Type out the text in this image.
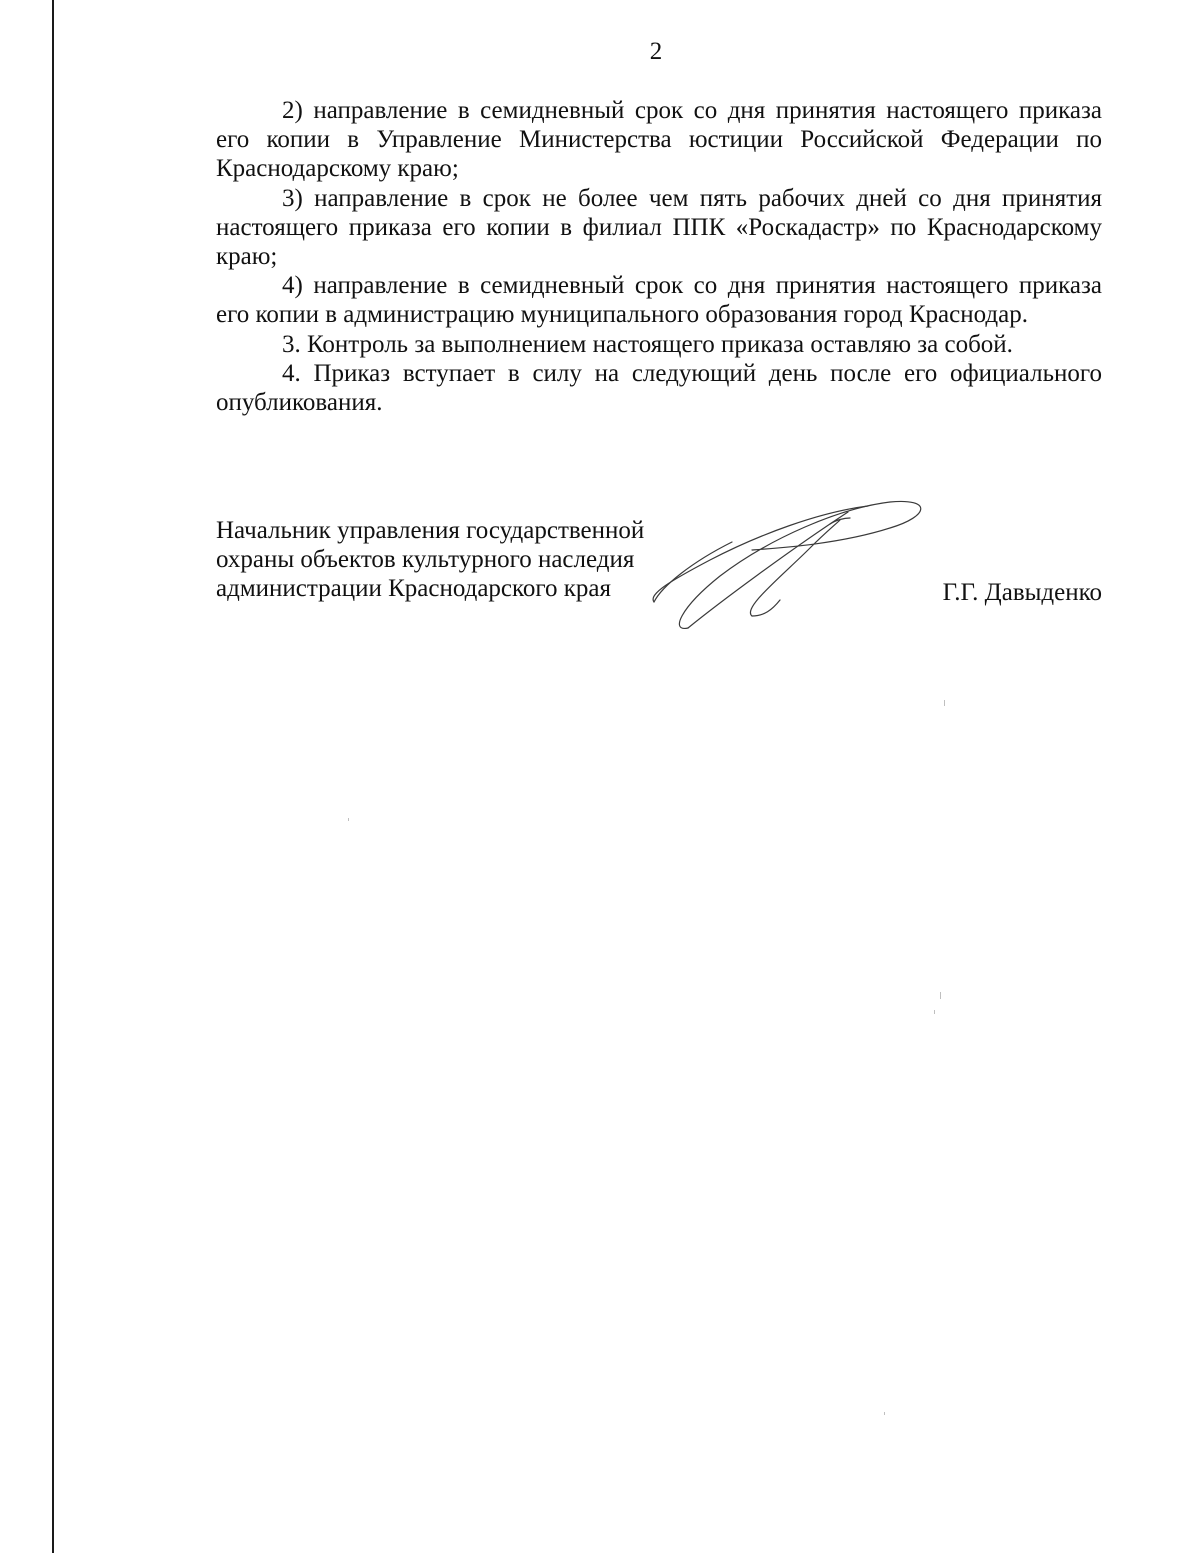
2

2) направление в семидневный срок со дня принятия настоящего приказа его копии в Управление Министерства юстиции Российской Федерации по Краснодарскому краю;

3) направление в срок не более чем пять рабочих дней со дня принятия настоящего приказа его копии в филиал ППК «Роскадастр» по Краснодарскому краю;

4) направление в семидневный срок со дня принятия настоящего приказа его копии в администрацию муниципального образования город Краснодар.

3. Контроль за выполнением настоящего приказа оставляю за собой.

4. Приказ вступает в силу на следующий день после его официального опубликования.

Начальник управления государственной
охраны объектов культурного наследия
администрации Краснодарского края	Г.Г. Давыденко
